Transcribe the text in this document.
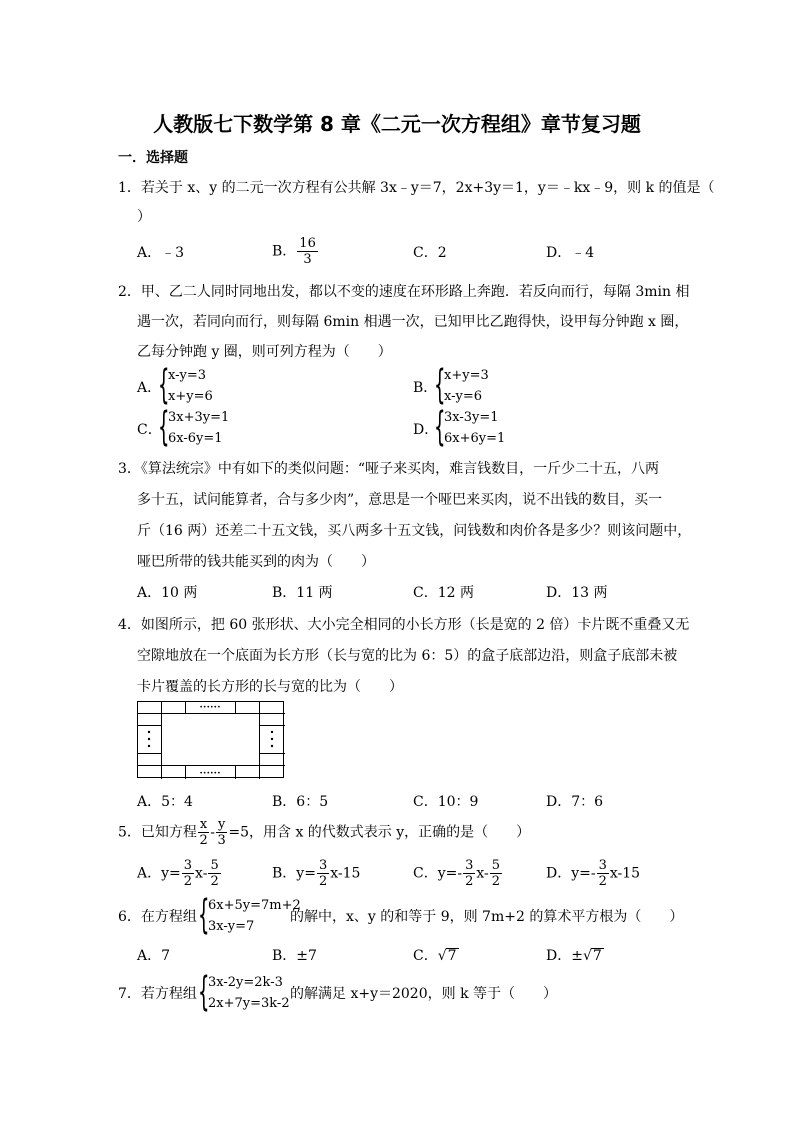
人教版七下数学第 8 章《二元一次方程组》章节复习题
一．选择题
1．若关于 x、y 的二元一次方程有公共解 3x﹣y＝7，2x+3y＝1，y＝﹣kx﹣9，则 k 的值是（
）
A．﹣3	B． $\frac{16}{3}$	C．2	D．﹣4
2．甲、乙二人同时同地出发，都以不变的速度在环形路上奔跑．若反向而行，每隔 3min 相
遇一次，若同向而行，则每隔 6min 相遇一次，已知甲比乙跑得快，设甲每分钟跑 x 圈，
乙每分钟跑 y 圈，则可列方程为（　　）
A．
{
x-y=3
x+y=6
B．
{
x+y=3
x-y=6
C．
{
3x+3y=1
6x-6y=1
D．
{
3x-3y=1
6x+6y=1
3．《算法统宗》中有如下的类似问题：“哑子来买肉，难言钱数目，一斤少二十五，八两
多十五，试问能算者，合与多少肉”，意思是一个哑巴来买肉，说不出钱的数目，买一
斤（16 两）还差二十五文钱，买八两多十五文钱，问钱数和肉价各是多少？则该问题中，
哑巴所带的钱共能买到的肉为（　　）
A．10 两	B．11 两	C．12 两	D．13 两
4．如图所示，把 60 张形状、大小完全相同的小长方形（长是宽的 2 倍）卡片既不重叠又无
空隙地放在一个底面为长方形（长与宽的比为 6：5）的盒子底部边沿，则盒子底部未被
卡片覆盖的长方形的长与宽的比为（　　）
••••••
••••••
A．5：4	B．6：5	C．10：9	D．7：6
5．已知方程 $\frac{x}{2} - \frac{y}{3} =5$，用含 x 的代数式表示 y，正确的是（　　）
A．$y= \frac{3}{2} x- \frac{5}{2}$	B．$y= \frac{3}{2} x-15$	C．$y=- \frac{3}{2} x- \frac{5}{2}$	D．$y=- \frac{3}{2} x-15$
6．在方程组 {
6x+5y=7m+2
3x-y=7
的解中，x、y 的和等于 9，则 7m+2 的算术平方根为（　　）
A．7	B．±7	C．√7	D．±√7
7．若方程组 {
3x-2y=2k-3
2x+7y=3k-2
的解满足 x+y＝2020，则 k 等于（　　）
